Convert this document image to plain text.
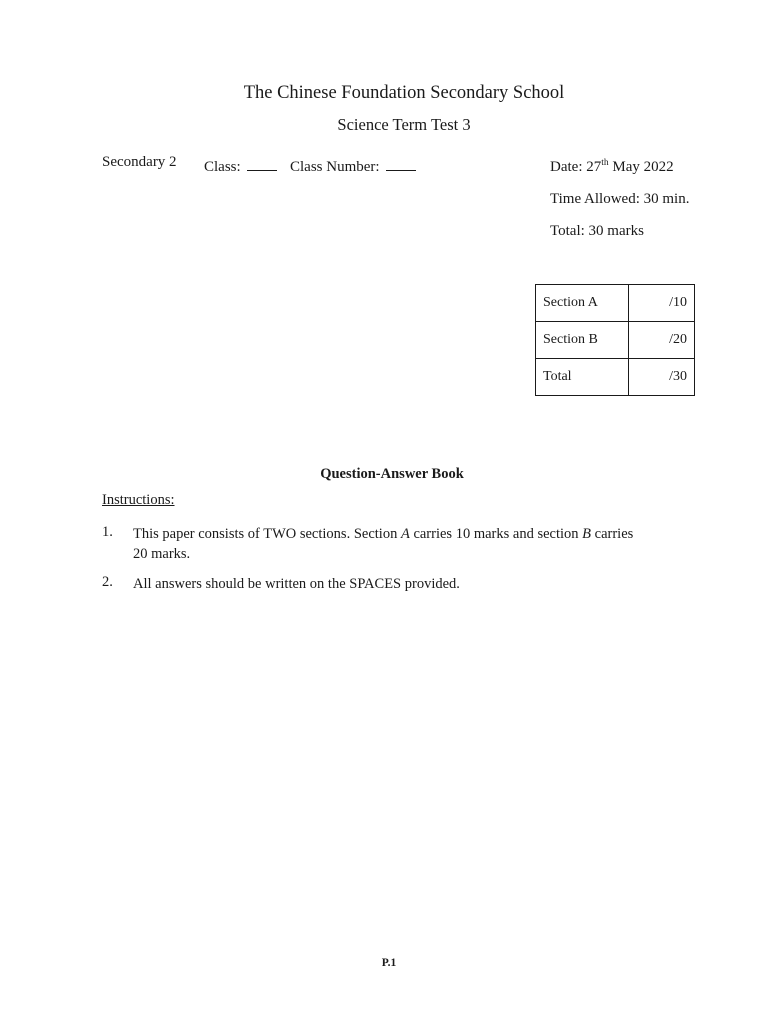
The Chinese Foundation Secondary School
Science Term Test 3
Secondary 2 Class:	Class Number:	Date: 27th May 2022
Time Allowed: 30 min.
Total: 30 marks
Section A	/10
Section B	/20
Total	/30
Question-Answer Book
Instructions:
1. This paper consists of TWO sections. Section A carries 10 marks and section B carries
20 marks.
2. All answers should be written on the SPACES provided.
P.1
